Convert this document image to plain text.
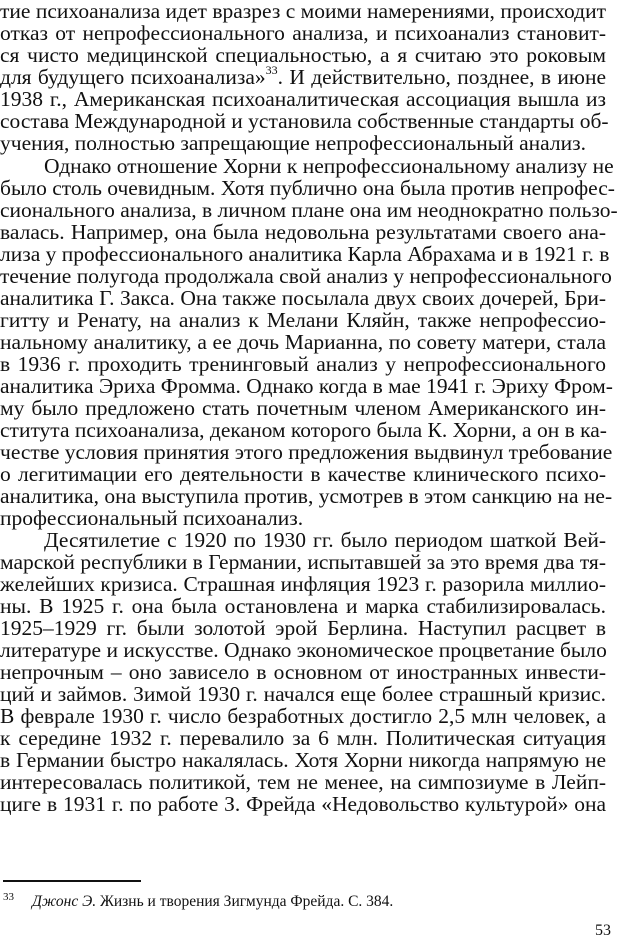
тие психоанализа идет вразрез с моими намерениями, происходит
отказ от непрофессионального анализа, и психоанализ становит-
ся чисто медицинской специальностью, а я считаю это роковым
для будущего психоанализа»$^{33}$. И действительно, позднее, в июне
1938 г., Американская психоаналитическая ассоциация вышла из
состава Международной и установила собственные стандарты об-
учения, полностью запрещающие непрофессиональный анализ.
Однако отношение Хорни к непрофессиональному анализу не
было столь очевидным. Хотя публично она была против непрофес-
сионального анализа, в личном плане она им неоднократно пользо-
валась. Например, она была недовольна результатами своего ана-
лиза у профессионального аналитика Карла Абрахама и в 1921 г. в
течение полугода продолжала свой анализ у непрофессионального
аналитика Г. Закса. Она также посылала двух своих дочерей, Бри-
гитту и Ренату, на анализ к Мелани Кляйн, также непрофессио-
нальному аналитику, а ее дочь Марианна, по совету матери, стала
в 1936 г. проходить тренинговый анализ у непрофессионального
аналитика Эриха Фромма. Однако когда в мае 1941 г. Эриху Фром-
му было предложено стать почетным членом Американского ин-
ститута психоанализа, деканом которого была К. Хорни, а он в ка-
честве условия принятия этого предложения выдвинул требование
о легитимации его деятельности в качестве клинического психо-
аналитика, она выступила против, усмотрев в этом санкцию на не-
профессиональный психоанализ.
Десятилетие с 1920 по 1930 гг. было периодом шаткой Вей-
марской республики в Германии, испытавшей за это время два тя-
желейших кризиса. Страшная инфляция 1923 г. разорила миллио-
ны. В 1925 г. она была остановлена и марка стабилизировалась.
1925–1929 гг. были золотой эрой Берлина. Наступил расцвет в
литературе и искусстве. Однако экономическое процветание было
непрочным – оно зависело в основном от иностранных инвести-
ций и займов. Зимой 1930 г. начался еще более страшный кризис.
В феврале 1930 г. число безработных достигло 2,5 млн человек, а
к середине 1932 г. перевалило за 6 млн. Политическая ситуация
в Германии быстро накалялась. Хотя Хорни никогда напрямую не
интересовалась политикой, тем не менее, на симпозиуме в Лейп-
циге в 1931 г. по работе З. Фрейда «Недовольство культурой» она
$^{33}$ Джонс Э. Жизнь и творения Зигмунда Фрейда. С. 384.
53
